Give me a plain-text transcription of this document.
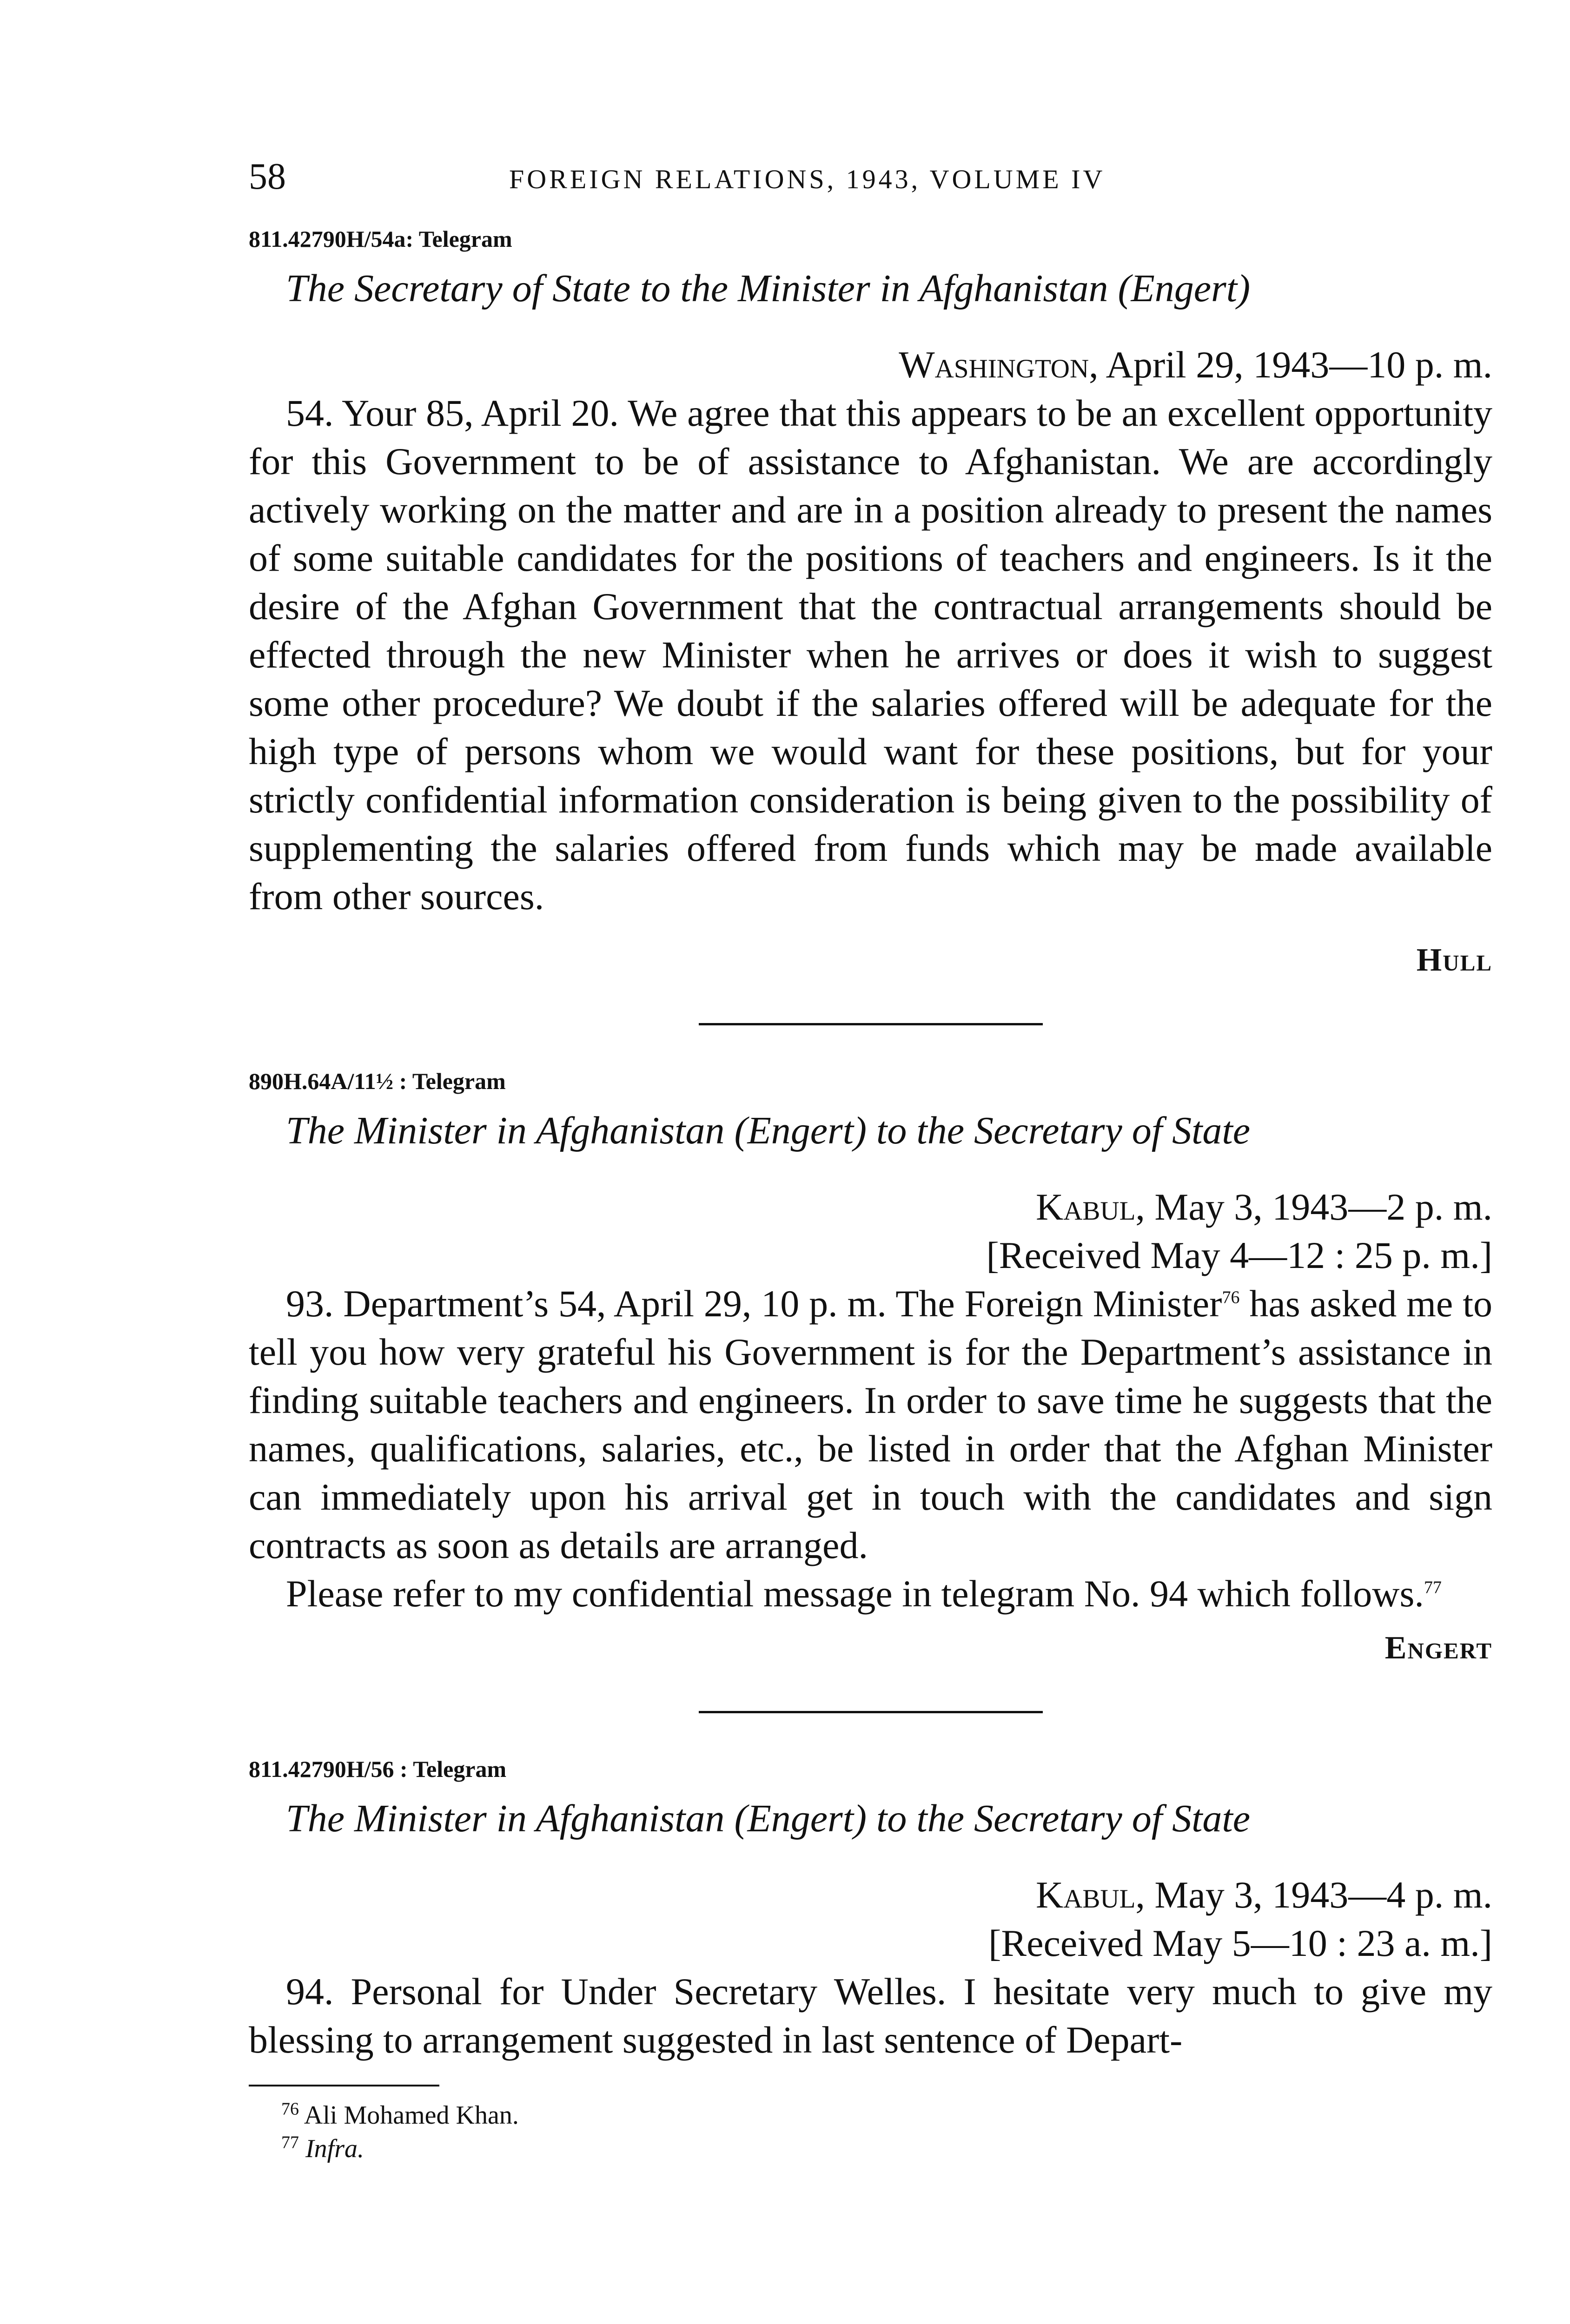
58	FOREIGN RELATIONS, 1943, VOLUME IV
811.42790H/54a: Telegram
The Secretary of State to the Minister in Afghanistan (Engert)
Washington, April 29, 1943—10 p. m.

54. Your 85, April 20. We agree that this appears to be an excellent opportunity for this Government to be of assistance to Afghanistan. We are accordingly actively working on the matter and are in a position already to present the names of some suitable candidates for the positions of teachers and engineers. Is it the desire of the Afghan Government that the contractual arrangements should be effected through the new Minister when he arrives or does it wish to suggest some other procedure? We doubt if the salaries offered will be adequate for the high type of persons whom we would want for these positions, but for your strictly confidential information consideration is being given to the possibility of supplementing the salaries offered from funds which may be made available from other sources.

Hull
890H.64A/11½ : Telegram
The Minister in Afghanistan (Engert) to the Secretary of State
Kabul, May 3, 1943—2 p. m.
[Received May 4—12 : 25 p. m.]

93. Department’s 54, April 29, 10 p. m. The Foreign Minister$^{76}$ has asked me to tell you how very grateful his Government is for the Department’s assistance in finding suitable teachers and engineers. In order to save time he suggests that the names, qualifications, salaries, etc., be listed in order that the Afghan Minister can immediately upon his arrival get in touch with the candidates and sign contracts as soon as details are arranged.

Please refer to my confidential message in telegram No. 94 which follows.$^{77}$

Engert
811.42790H/56 : Telegram
The Minister in Afghanistan (Engert) to the Secretary of State
Kabul, May 3, 1943—4 p. m.
[Received May 5—10 : 23 a. m.]

94. Personal for Under Secretary Welles. I hesitate very much to give my blessing to arrangement suggested in last sentence of Depart-

$^{76}$ Ali Mohamed Khan.
$^{77}$ Infra.
